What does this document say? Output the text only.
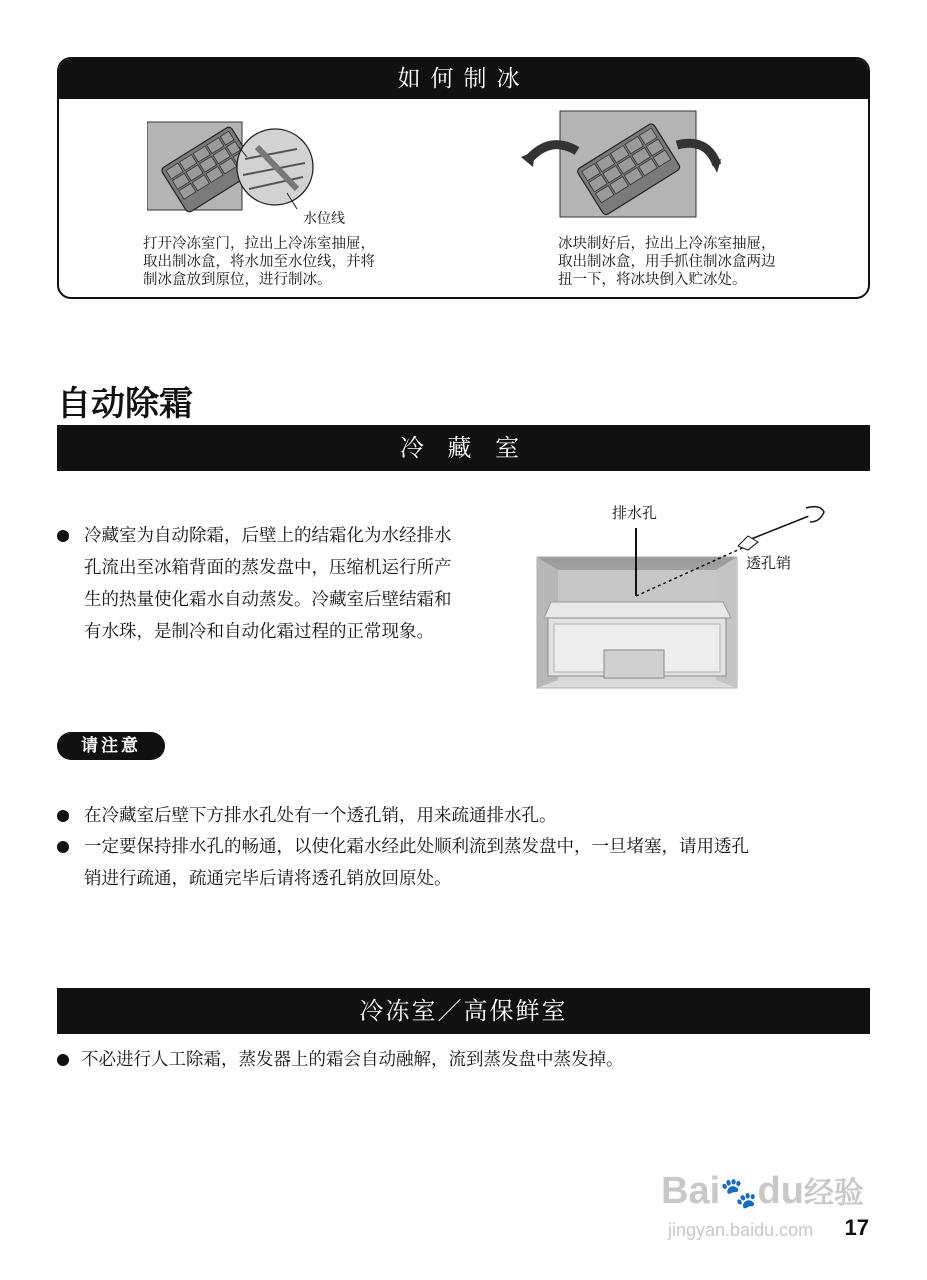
如何制冰
水位线
打开冷冻室门，拉出上冷冻室抽屉，
取出制冰盒，将水加至水位线，并将
制冰盒放到原位，进行制冰。
冰块制好后，拉出上冷冻室抽屉，
取出制冰盒，用手抓住制冰盒两边
扭一下，将冰块倒入贮冰处。
自动除霜
冷 藏 室
冷藏室为自动除霜，后壁上的结霜化为水经排水
孔流出至冰箱背面的蒸发盘中，压缩机运行所产
生的热量使化霜水自动蒸发。冷藏室后壁结霜和
有水珠，是制冷和自动化霜过程的正常现象。
排水孔
透孔销
请注意
在冷藏室后壁下方排水孔处有一个透孔销，用来疏通排水孔。
一定要保持排水孔的畅通，以使化霜水经此处顺利流到蒸发盘中，一旦堵塞，请用透孔
销进行疏通，疏通完毕后请将透孔销放回原处。
冷冻室／高保鲜室
不必进行人工除霜，蒸发器上的霜会自动融解，流到蒸发盘中蒸发掉。
Bai🐾du经验
jingyan.baidu.com 17
